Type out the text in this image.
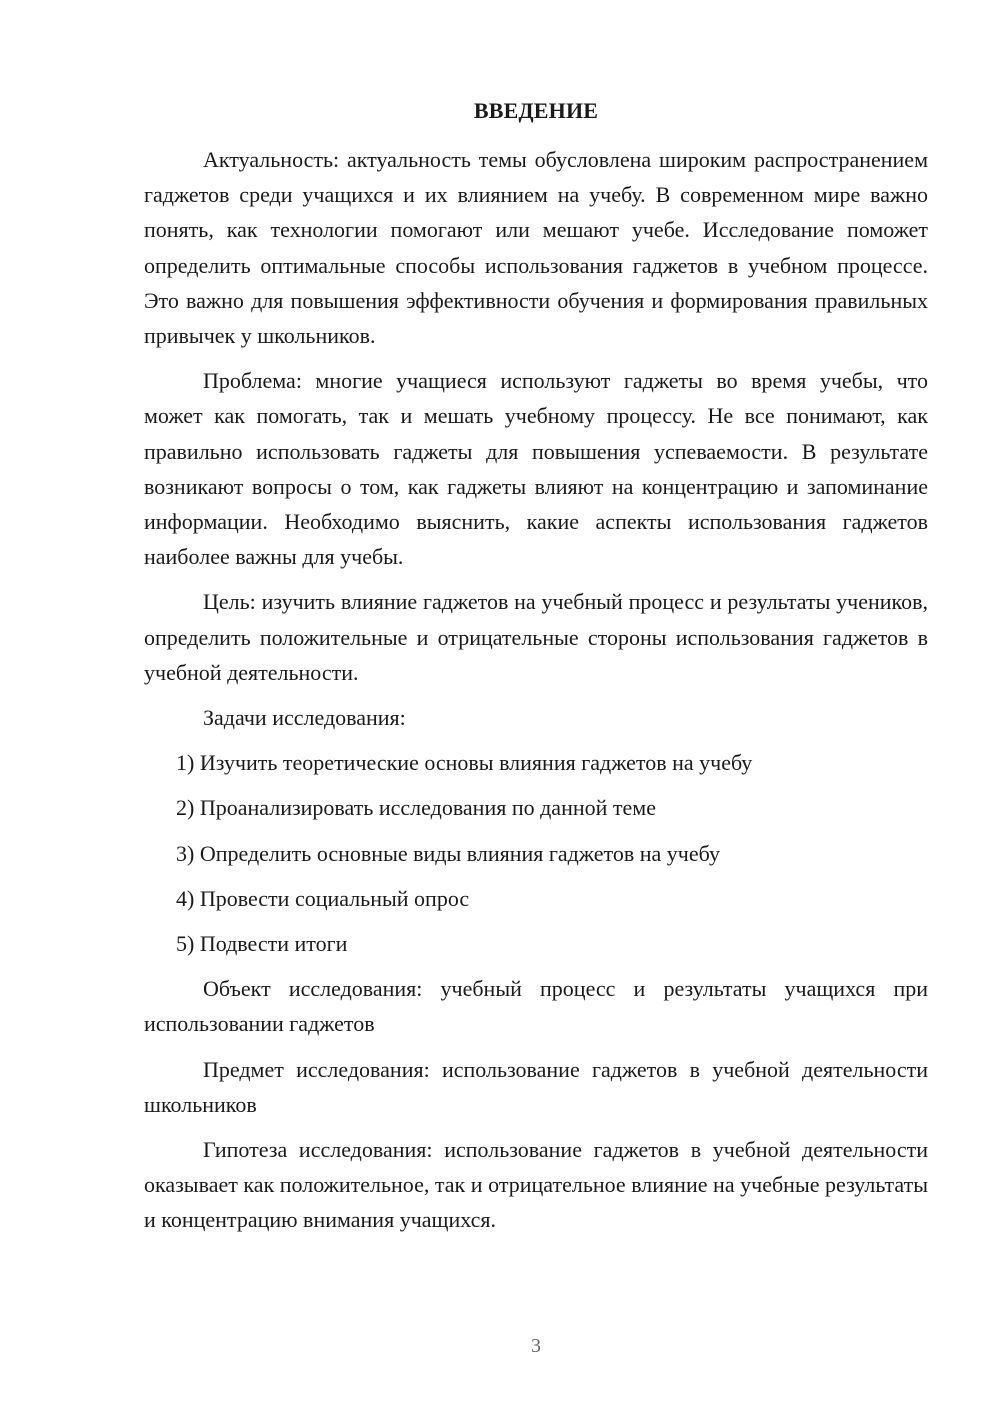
ВВЕДЕНИЕ

Актуальность: актуальность темы обусловлена широким распространением гаджетов среди учащихся и их влиянием на учебу. В современном мире важно понять, как технологии помогают или мешают учебе. Исследование поможет определить оптимальные способы использования гаджетов в учебном процессе. Это важно для повышения эффективности обучения и формирования правильных привычек у школьников.

Проблема: многие учащиеся используют гаджеты во время учебы, что может как помогать, так и мешать учебному процессу. Не все понимают, как правильно использовать гаджеты для повышения успеваемости. В результате возникают вопросы о том, как гаджеты влияют на концентрацию и запоминание информации. Необходимо выяснить, какие аспекты использования гаджетов наиболее важны для учебы.

Цель: изучить влияние гаджетов на учебный процесс и результаты учеников, определить положительные и отрицательные стороны использования гаджетов в учебной деятельности.

Задачи исследования:

1) Изучить теоретические основы влияния гаджетов на учебу
2) Проанализировать исследования по данной теме
3) Определить основные виды влияния гаджетов на учебу
4) Провести социальный опрос
5) Подвести итоги

Объект исследования: учебный процесс и результаты учащихся при использовании гаджетов

Предмет исследования: использование гаджетов в учебной деятельности школьников

Гипотеза исследования: использование гаджетов в учебной деятельности оказывает как положительное, так и отрицательное влияние на учебные результаты и концентрацию внимания учащихся.

3
